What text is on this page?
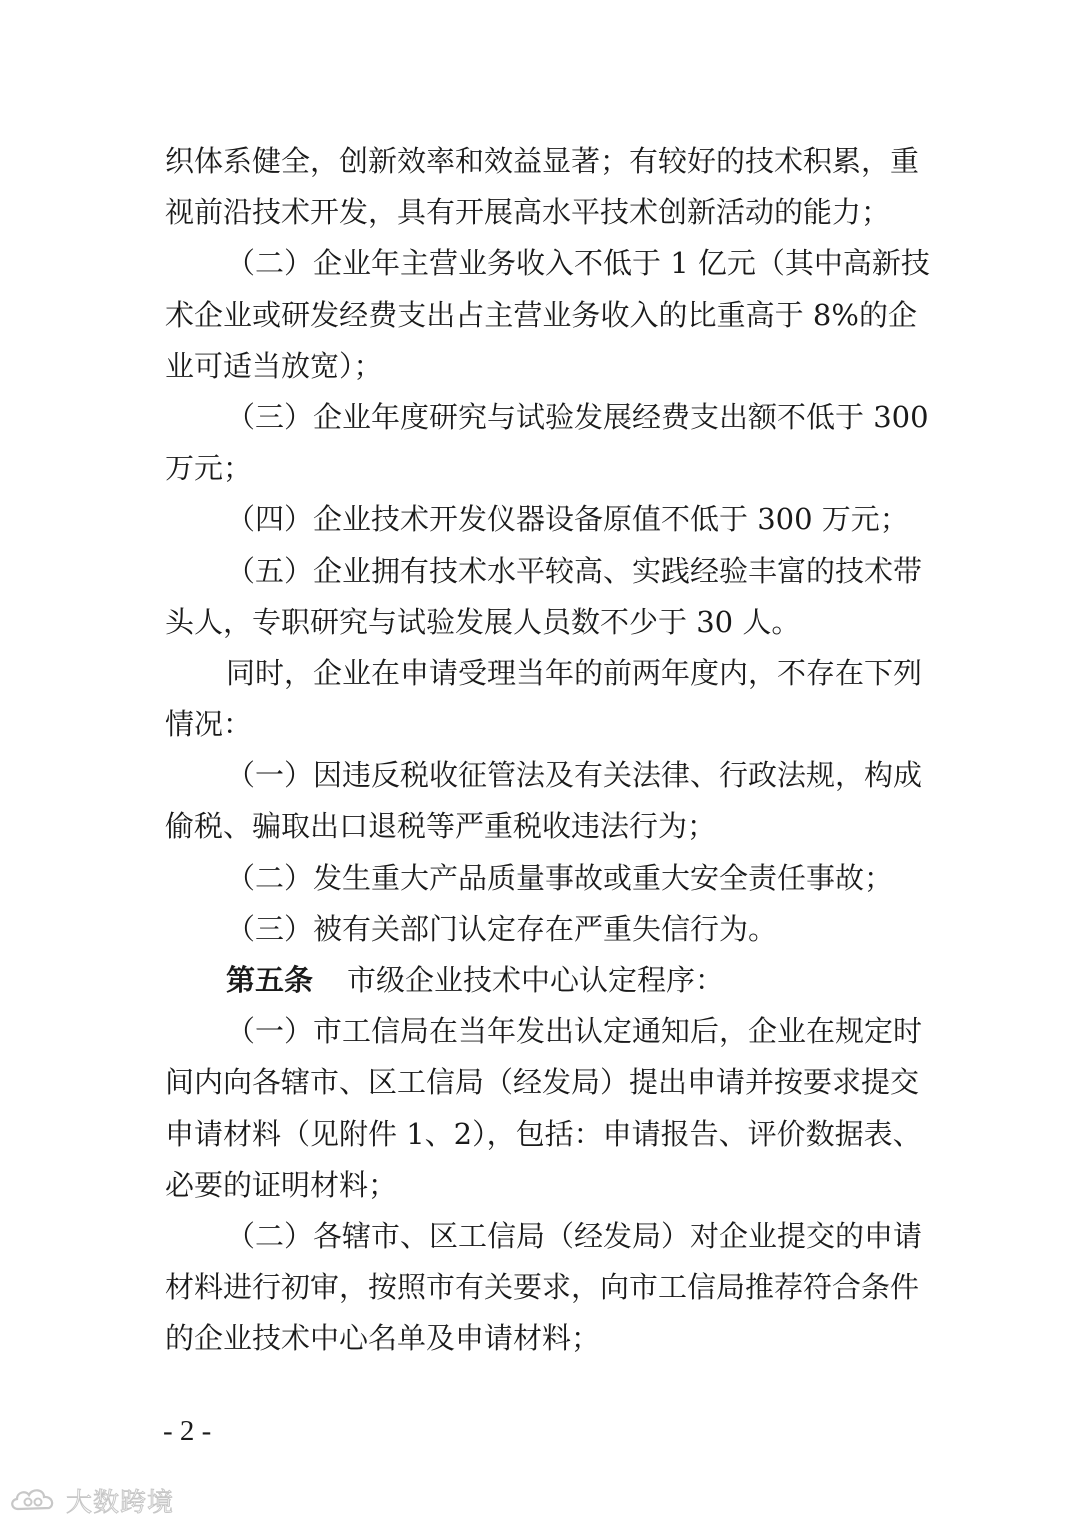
织体系健全，创新效率和效益显著；有较好的技术积累，重
视前沿技术开发，具有开展高水平技术创新活动的能力；
（二）企业年主营业务收入不低于 1 亿元（其中高新技
术企业或研发经费支出占主营业务收入的比重高于 8%的企
业可适当放宽）；
（三）企业年度研究与试验发展经费支出额不低于 300
万元；
（四）企业技术开发仪器设备原值不低于 300 万元；
（五）企业拥有技术水平较高、实践经验丰富的技术带
头人，专职研究与试验发展人员数不少于 30 人。
同时，企业在申请受理当年的前两年度内，不存在下列
情况：
（一）因违反税收征管法及有关法律、行政法规，构成
偷税、骗取出口退税等严重税收违法行为；
（二）发生重大产品质量事故或重大安全责任事故；
（三）被有关部门认定存在严重失信行为。
第五条 市级企业技术中心认定程序：
（一）市工信局在当年发出认定通知后，企业在规定时
间内向各辖市、区工信局（经发局）提出申请并按要求提交
申请材料（见附件 1、2），包括：申请报告、评价数据表、
必要的证明材料；
（二）各辖市、区工信局（经发局）对企业提交的申请
材料进行初审，按照市有关要求，向市工信局推荐符合条件
的企业技术中心名单及申请材料；
- 2 -
大数跨境
